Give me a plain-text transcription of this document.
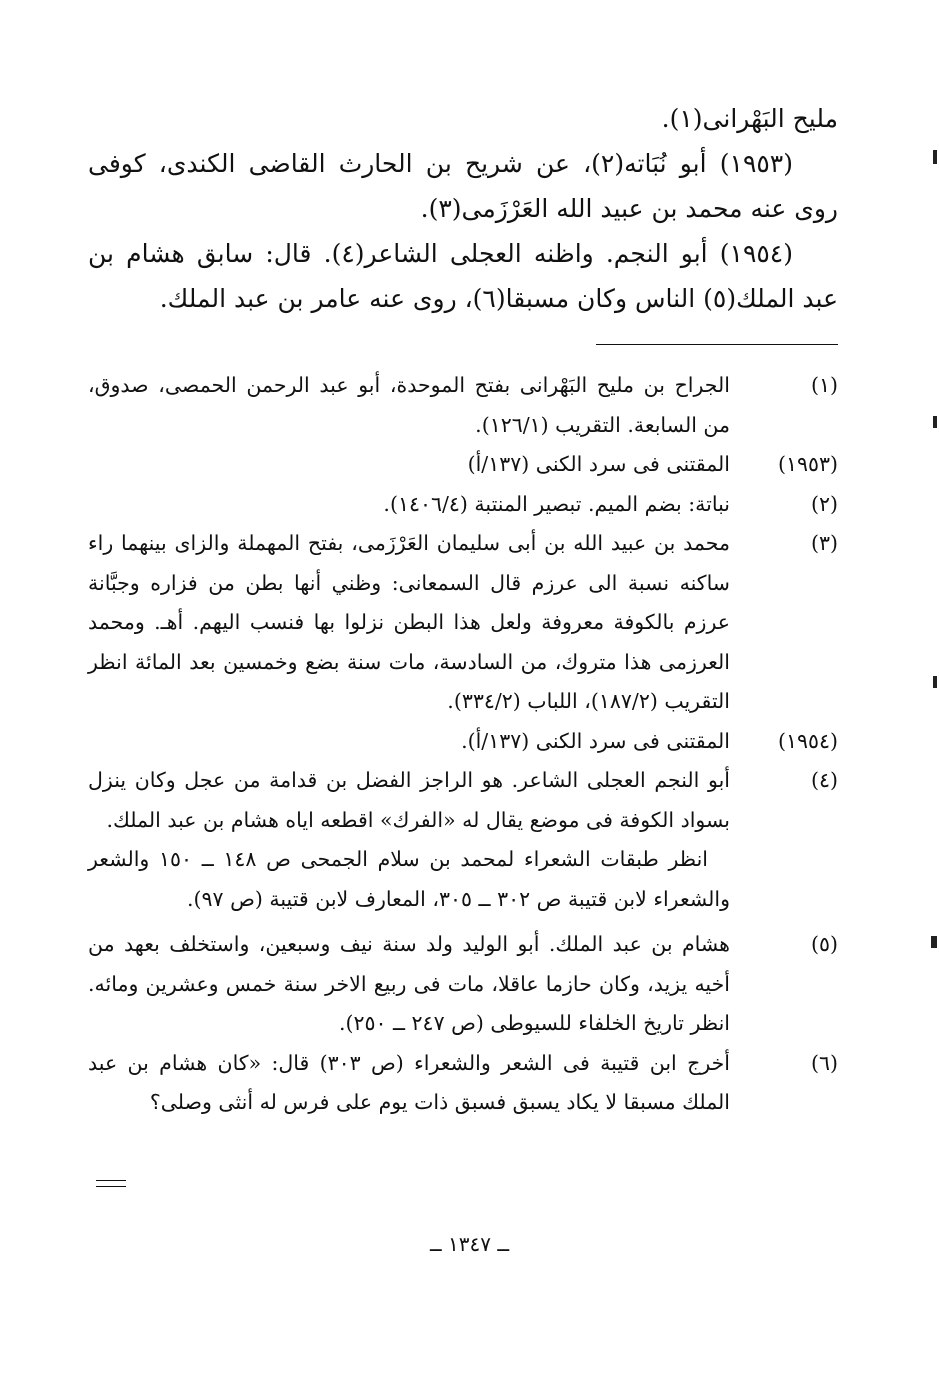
مليح البَهْرانى(١).

(١٩٥٣) أبو نُبَاته(٢)، عن شريح بن الحارث القاضى الكندى، كوفى روى عنه محمد بن عبيد الله العَرْزَمى(٣).

(١٩٥٤) أبو النجم. واظنه العجلى الشاعر(٤). قال: سابق هشام بن عبد الملك(٥) الناس وكان مسبقا(٦)، روى عنه عامر بن عبد الملك.

(١)

الجراح بن مليح البَهْرانى بفتح الموحدة، أبو عبد الرحمن الحمصى، صدوق، من السابعة. التقريب (١٢٦/١).

(١٩٥٣)

المقتنى فى سرد الكنى (١٣٧/أ)

(٢)

نباتة: بضم الميم. تبصير المنتبة (١٤٠٦/٤).

(٣)

محمد بن عبيد الله بن أبى سليمان العَرْزَمى، بفتح المهملة والزاى بينهما راء ساكنه نسبة الى عرزم قال السمعانى: وظني أنها بطن من فزاره وجبَّانة عرزم بالكوفة معروفة ولعل هذا البطن نزلوا بها فنسب اليهم. أهـ. ومحمد العرزمى هذا متروك، من السادسة، مات سنة بضع وخمسين بعد المائة انظر التقريب (١٨٧/٢)، اللباب (٣٣٤/٢).

(١٩٥٤)

المقتنى فى سرد الكنى (١٣٧/أ).

(٤)

أبو النجم العجلى الشاعر. هو الراجز الفضل بن قدامة من عجل وكان ينزل بسواد الكوفة فى موضع يقال له «الفرك» اقطعه اياه هشام بن عبد الملك.

انظر طبقات الشعراء لمحمد بن سلام الجمحى ص ١٤٨ ــ ١٥٠ والشعر والشعراء لابن قتيبة ص ٣٠٢ ــ ٣٠٥، المعارف لابن قتيبة (ص ٩٧).

(٥)

هشام بن عبد الملك. أبو الوليد ولد سنة نيف وسبعين، واستخلف بعهد من أخيه يزيد، وكان حازما عاقلا، مات فى ربيع الاخر سنة خمس وعشرين ومائه. انظر تاريخ الخلفاء للسيوطى (ص ٢٤٧ ــ ٢٥٠).

(٦)

أخرج ابن قتيبة فى الشعر والشعراء (ص ٣٠٣) قال: «كان هشام بن عبد الملك مسبقا لا يكاد يسبق فسبق ذات يوم على فرس له أنثى وصلى؟

ــ ١٣٤٧ ــ
